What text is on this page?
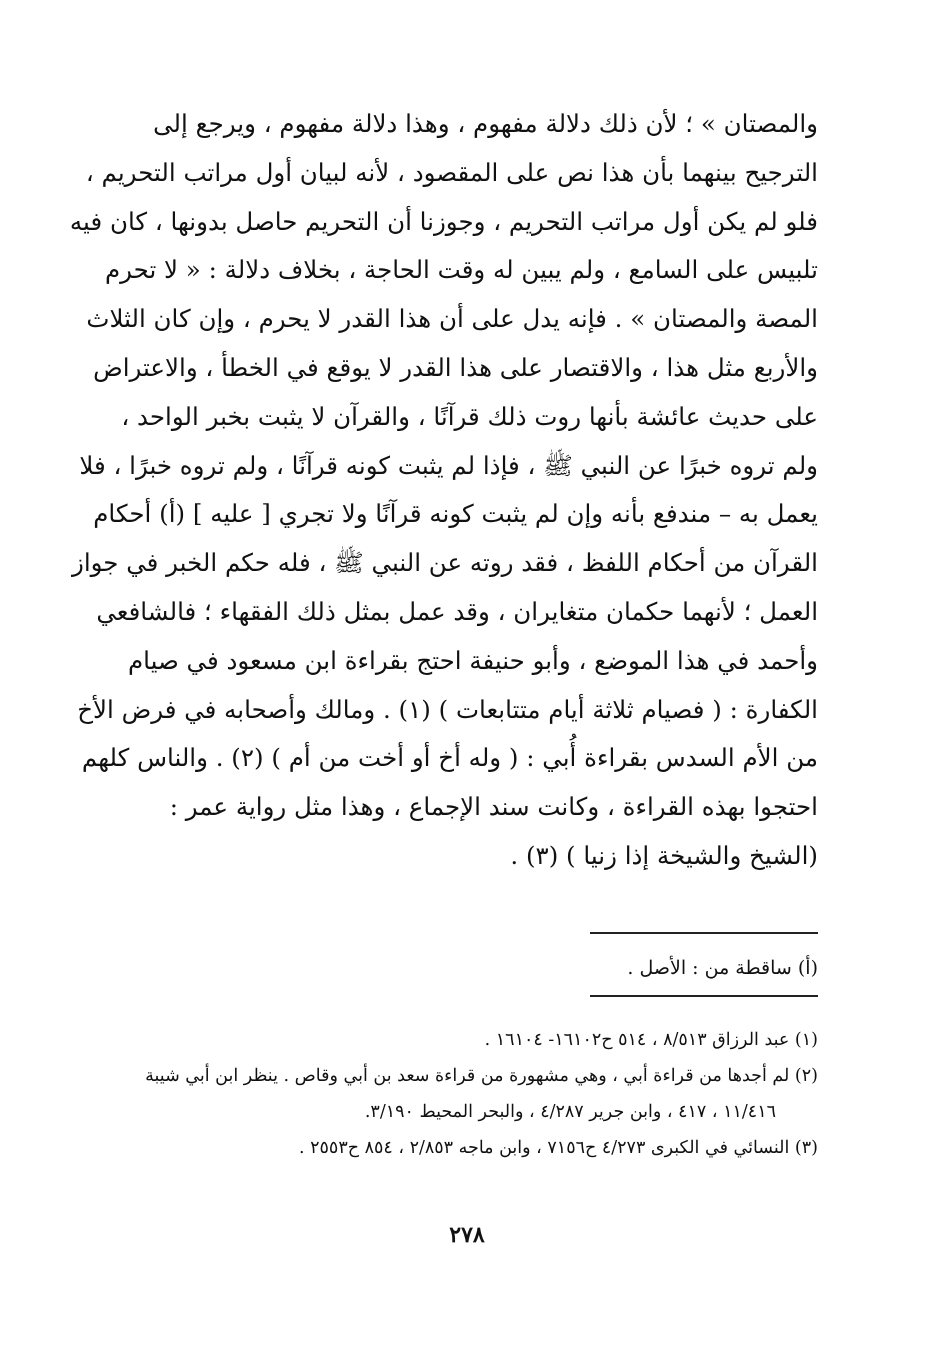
والمصتان » ؛ لأن ذلك دلالة مفهوم ، وهذا دلالة مفهوم ، ويرجع إلى
الترجيح بينهما بأن هذا نص على المقصود ، لأنه لبيان أول مراتب التحريم ،
فلو لم يكن أول مراتب التحريم ، وجوزنا أن التحريم حاصل بدونها ، كان فيه
تلبيس على السامع ، ولم يبين له وقت الحاجة ، بخلاف دلالة : « لا تحرم
المصة والمصتان » . فإنه يدل على أن هذا القدر لا يحرم ، وإن كان الثلاث
والأربع مثل هذا ، والاقتصار على هذا القدر لا يوقع في الخطأ ، والاعتراض
على حديث عائشة بأنها روت ذلك قرآنًا ، والقرآن لا يثبت بخبر الواحد ،
ولم تروه خبرًا عن النبي ﷺ ، فإذا لم يثبت كونه قرآنًا ، ولم تروه خبرًا ، فلا
يعمل به – مندفع بأنه وإن لم يثبت كونه قرآنًا ولا تجري [ عليه ] (أ) أحكام
القرآن من أحكام اللفظ ، فقد روته عن النبي ﷺ ، فله حكم الخبر في جواز
العمل ؛ لأنهما حكمان متغايران ، وقد عمل بمثل ذلك الفقهاء ؛ فالشافعي
وأحمد في هذا الموضع ، وأبو حنيفة احتج بقراءة ابن مسعود في صيام
الكفارة : ( فصيام ثلاثة أيام متتابعات ) (١) . ومالك وأصحابه في فرض الأخ
من الأم السدس بقراءة أُبي : ( وله أخ أو أخت من أم ) (٢) . والناس كلهم
احتجوا بهذه القراءة ، وكانت سند الإجماع ، وهذا مثل رواية عمر :
(الشيخ والشيخة إذا زنيا ) (٣) .
(أ) ساقطة من : الأصل .
(١) عبد الرزاق ٨/٥١٣ ، ٥١٤ ح١٦١٠٢- ١٦١٠٤ .
(٢) لم أجدها من قراءة أبي ، وهي مشهورة من قراءة سعد بن أبي وقاص . ينظر ابن أبي شيبة
١١/٤١٦ ، ٤١٧ ، وابن جرير ٤/٢٨٧ ، والبحر المحيط ٣/١٩٠.
(٣) النسائي في الكبرى ٤/٢٧٣ ح٧١٥٦ ، وابن ماجه ٢/٨٥٣ ، ٨٥٤ ح٢٥٥٣ .
٢٧٨
